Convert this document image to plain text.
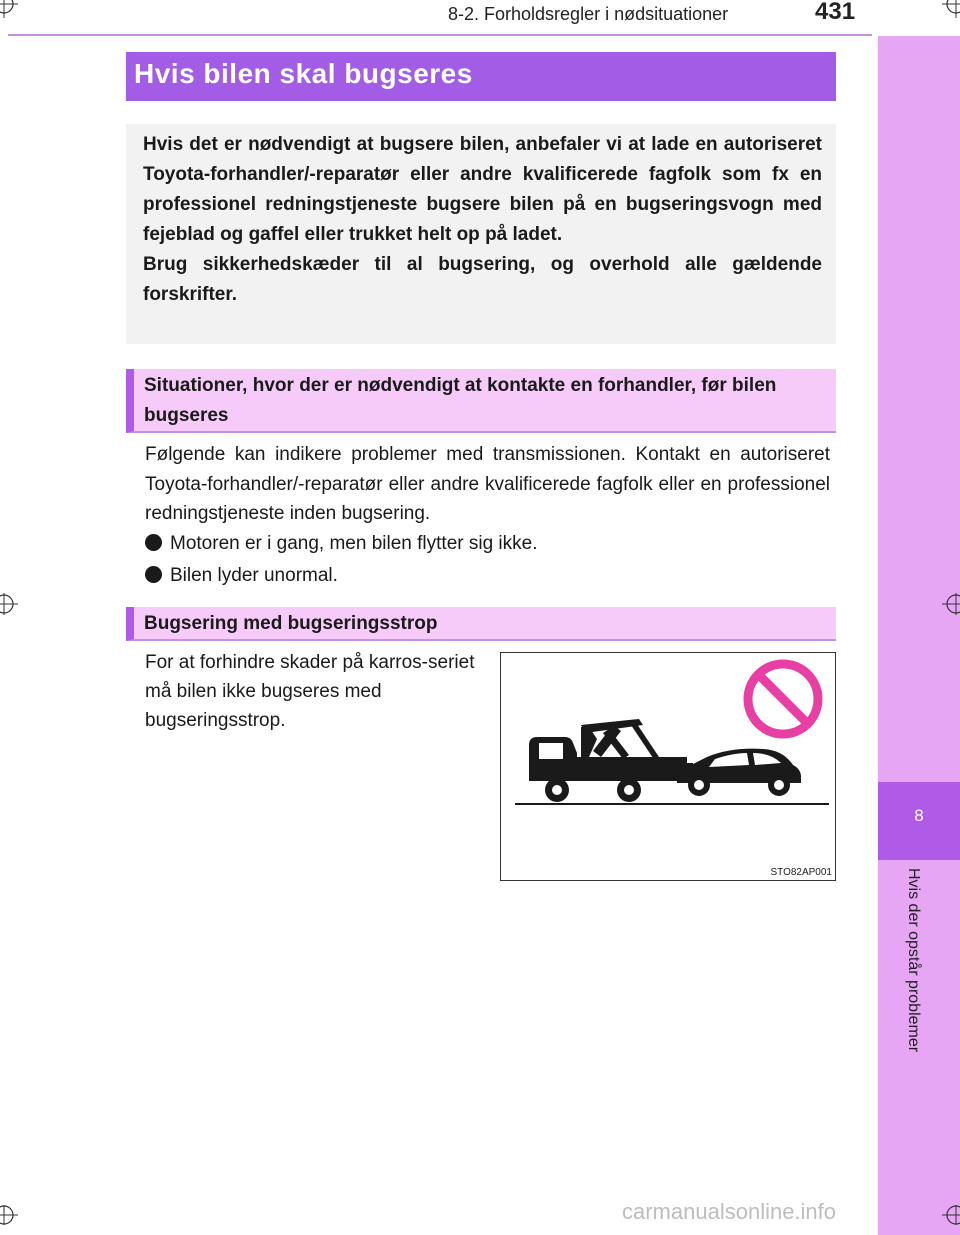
8-2. Forholdsregler i nødsituationer	431
8
Hvis der opstår problemer
Hvis bilen skal bugseres

Hvis det er nødvendigt at bugsere bilen, anbefaler vi at lade en autoriseret Toyota-forhandler/-reparatør eller andre kvalificerede fagfolk som fx en professionel redningstjeneste bugsere bilen på en bugseringsvogn med fejeblad og gaffel eller trukket helt op på ladet.

Brug sikkerhedskæder til al bugsering, og overhold alle gældende forskrifter.

Situationer, hvor der er nødvendigt at kontakte en forhandler, før bilen bugseres
Følgende kan indikere problemer med transmissionen. Kontakt en autoriseret Toyota-forhandler/-reparatør eller andre kvalificerede fagfolk eller en professionel redningstjeneste inden bugsering.
Motoren er i gang, men bilen flytter sig ikke.
Bilen lyder unormal.
Bugsering med bugseringsstrop
For at forhindre skader på karros-seriet må bilen ikke bugseres med bugseringsstrop.
STO82AP001
carmanualsonline.info
